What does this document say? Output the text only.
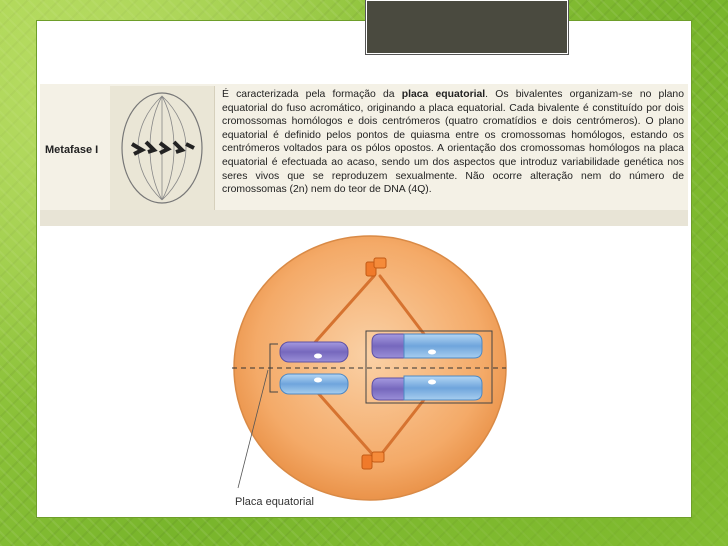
Metafase I
É caracterizada pela formação da placa equatorial. Os bivalentes organizam-se no plano equatorial do fuso acromático, originando a placa equatorial. Cada bivalente é constituído por dois cromossomas homólogos e dois centrómeros (quatro cromatídios e dois centrómeros). O plano equatorial é definido pelos pontos de quiasma entre os cromossomas homólogos, estando os centrómeros voltados para os pólos opostos. A orientação dos cromossomas homólogos na placa equatorial é efectuada ao acaso, sendo um dos aspectos que introduz variabilidade genética nos seres vivos que se reproduzem sexualmente. Não ocorre alteração nem do número de cromossomas (2n) nem do teor de DNA (4Q).
Placa equatorial
